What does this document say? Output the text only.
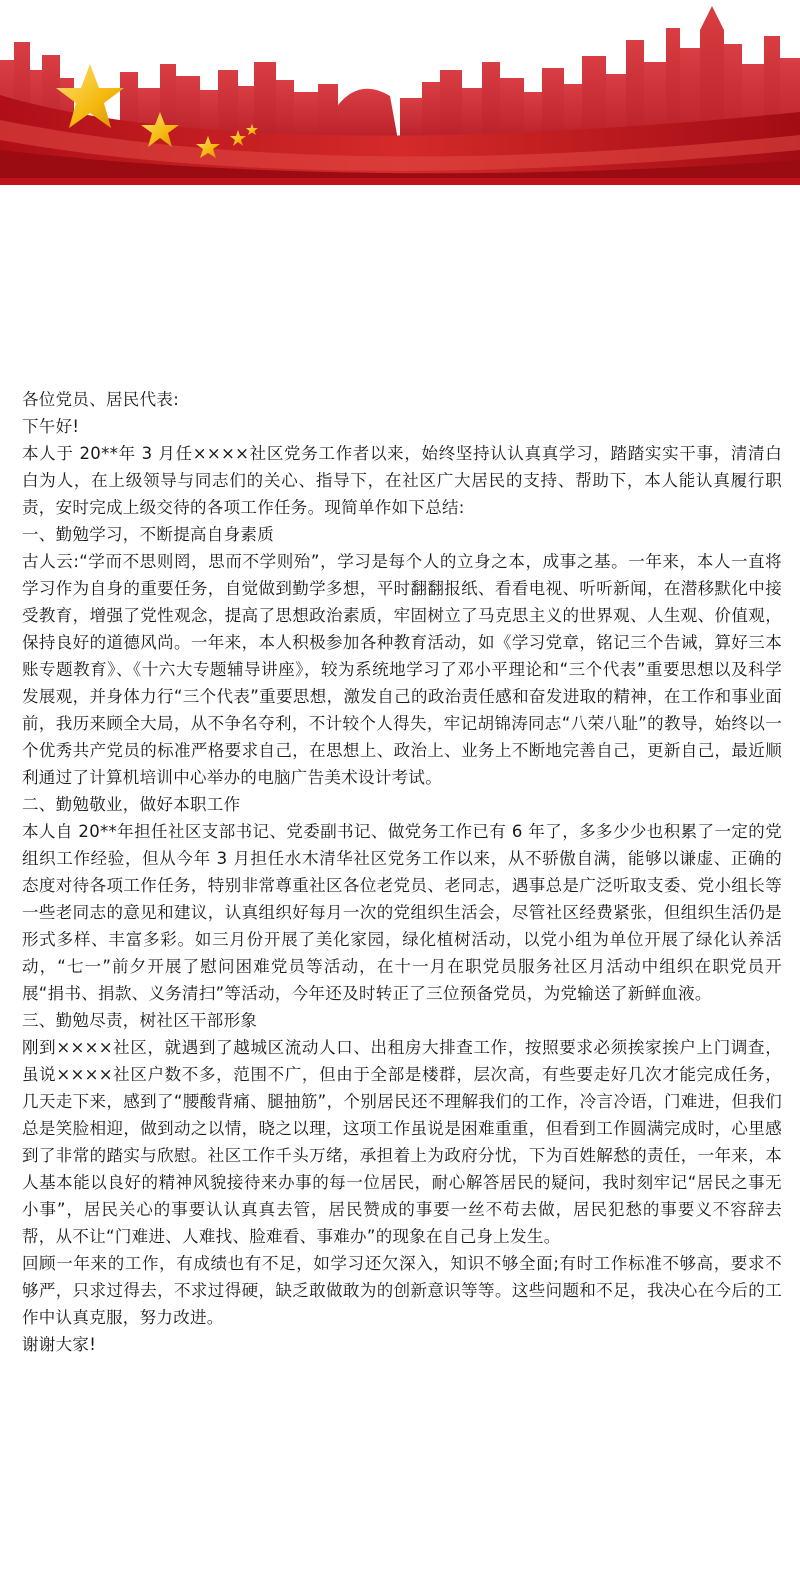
各位党员、居民代表:

下午好!

本人于 20**年 3 月任××××社区党务工作者以来，始终坚持认认真真学习，踏踏实实干事，清清白白为人，在上级领导与同志们的关心、指导下，在社区广大居民的支持、帮助下，本人能认真履行职责，安时完成上级交待的各项工作任务。现简单作如下总结:

一、勤勉学习，不断提高自身素质

古人云:“学而不思则罔，思而不学则殆”，学习是每个人的立身之本，成事之基。一年来，本人一直将学习作为自身的重要任务，自觉做到勤学多想，平时翻翻报纸、看看电视、听听新闻，在潜移默化中接受教育，增强了党性观念，提高了思想政治素质，牢固树立了马克思主义的世界观、人生观、价值观，保持良好的道德风尚。一年来，本人积极参加各种教育活动，如《学习党章，铭记三个告诫，算好三本账专题教育》、《十六大专题辅导讲座》，较为系统地学习了邓小平理论和“三个代表”重要思想以及科学发展观，并身体力行“三个代表”重要思想，激发自己的政治责任感和奋发进取的精神，在工作和事业面前，我历来顾全大局，从不争名夺利，不计较个人得失，牢记胡锦涛同志“八荣八耻”的教导，始终以一个优秀共产党员的标准严格要求自己，在思想上、政治上、业务上不断地完善自己，更新自己，最近顺利通过了计算机培训中心举办的电脑广告美术设计考试。

二、勤勉敬业，做好本职工作

本人自 20**年担任社区支部书记、党委副书记、做党务工作已有 6 年了，多多少少也积累了一定的党组织工作经验，但从今年 3 月担任水木清华社区党务工作以来，从不骄傲自满，能够以谦虚、正确的态度对待各项工作任务，特别非常尊重社区各位老党员、老同志，遇事总是广泛听取支委、党小组长等一些老同志的意见和建议，认真组织好每月一次的党组织生活会，尽管社区经费紧张，但组织生活仍是形式多样、丰富多彩。如三月份开展了美化家园，绿化植树活动，以党小组为单位开展了绿化认养活动，“七一”前夕开展了慰问困难党员等活动，在十一月在职党员服务社区月活动中组织在职党员开展“捐书、捐款、义务清扫”等活动，今年还及时转正了三位预备党员，为党输送了新鲜血液。

三、勤勉尽责，树社区干部形象

刚到××××社区，就遇到了越城区流动人口、出租房大排查工作，按照要求必须挨家挨户上门调查，虽说××××社区户数不多，范围不广，但由于全部是楼群，层次高，有些要走好几次才能完成任务，几天走下来，感到了“腰酸背痛、腿抽筋”，个别居民还不理解我们的工作，冷言冷语，门难进，但我们总是笑脸相迎，做到动之以情，晓之以理，这项工作虽说是困难重重，但看到工作圆满完成时，心里感到了非常的踏实与欣慰。社区工作千头万绪，承担着上为政府分忧，下为百姓解愁的责任，一年来，本人基本能以良好的精神风貌接待来办事的每一位居民，耐心解答居民的疑问，我时刻牢记“居民之事无小事”，居民关心的事要认认真真去管，居民赞成的事要一丝不苟去做，居民犯愁的事要义不容辞去帮，从不让“门难进、人难找、脸难看、事难办”的现象在自己身上发生。

回顾一年来的工作，有成绩也有不足，如学习还欠深入，知识不够全面;有时工作标准不够高，要求不够严，只求过得去，不求过得硬，缺乏敢做敢为的创新意识等等。这些问题和不足，我决心在今后的工作中认真克服，努力改进。

谢谢大家!
